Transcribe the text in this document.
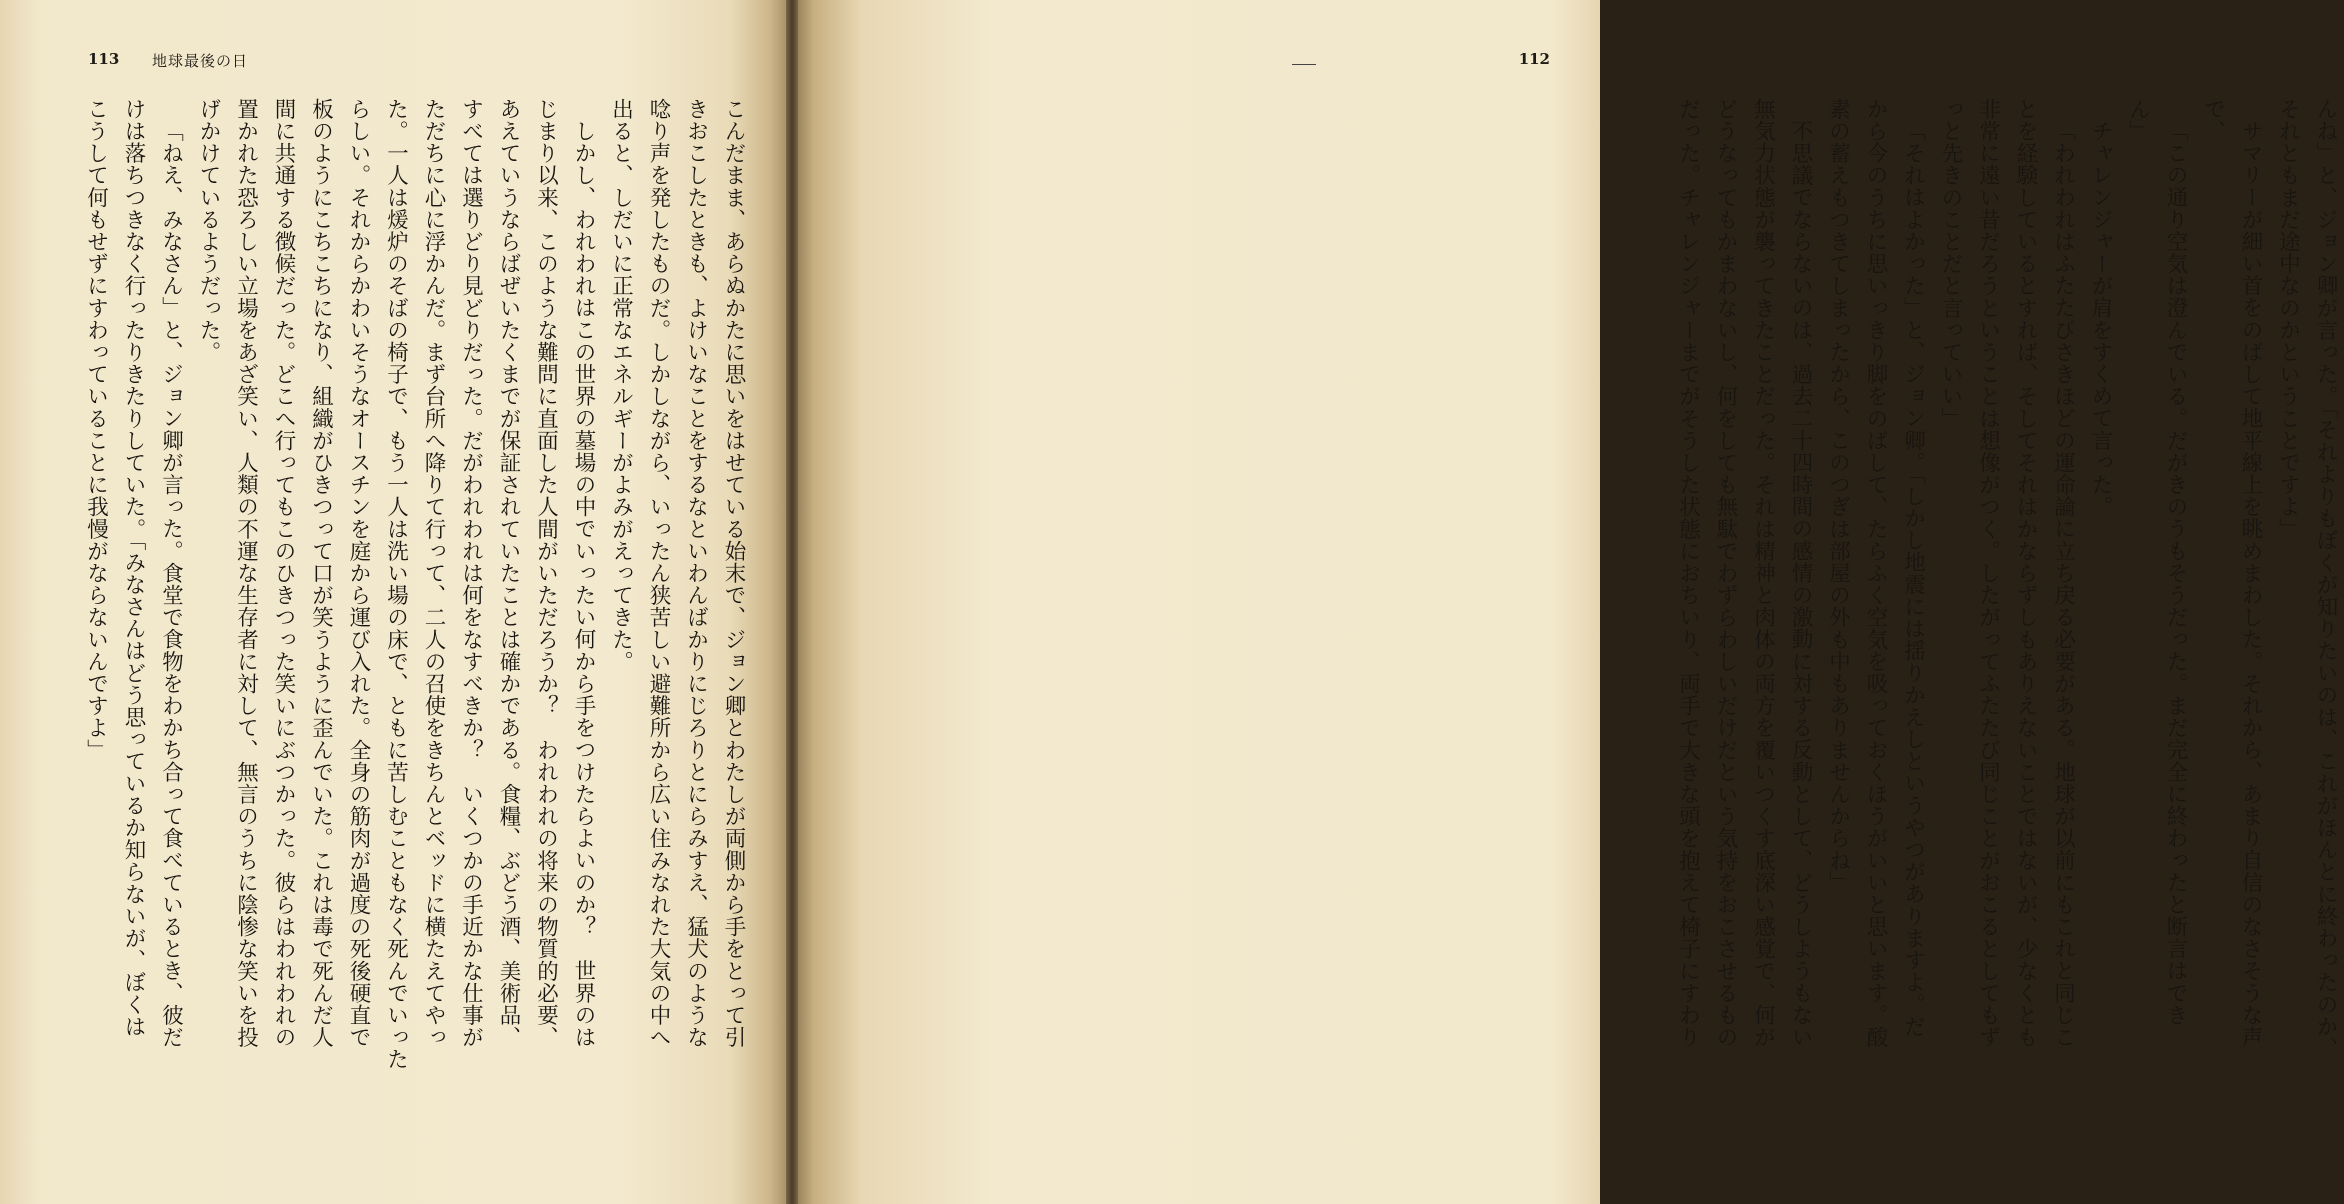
113 地球最後の日
こんだまま、あらぬかたに思いをはせている始末で、ジョン卿とわたしが両側から手をとって引
きおこしたときも、よけいなことをするなといわんばかりにじろりとにらみすえ、猛犬のような
唸り声を発したものだ。しかしながら、いったん狭苦しい避難所から広い住みなれた大気の中へ
出ると、しだいに正常なエネルギーがよみがえってきた。
しかし、われわれはこの世界の墓場の中でいったい何から手をつけたらよいのか？　世界のは
じまり以来、このような難問に直面した人間がいただろうか？　われわれの将来の物質的必要、
あえていうならばぜいたくまでが保証されていたことは確かである。食糧、ぶどう酒、美術品、
すべては選りどり見どりだった。だがわれわれは何をなすべきか？　いくつかの手近かな仕事が
ただちに心に浮かんだ。まず台所へ降りて行って、二人の召使をきちんとベッドに横たえてやっ
た。一人は煖炉のそばの椅子で、もう一人は洗い場の床で、ともに苦しむこともなく死んでいった
らしい。それからかわいそうなオースチンを庭から運び入れた。全身の筋肉が過度の死後硬直で
板のようにこちこちになり、組織がひきつって口が笑うように歪んでいた。これは毒で死んだ人
間に共通する徴候だった。どこへ行ってもこのひきつった笑いにぶつかった。彼らはわれわれの
置かれた恐ろしい立場をあざ笑い、人類の不運な生存者に対して、無言のうちに陰惨な笑いを投
げかけているようだった。
「ねえ、みなさん」と、ジョン卿が言った。食堂で食物をわかち合って食べているとき、彼だ
けは落ちつきなく行ったりきたりしていた。「みなさんはどう思っているか知らないが、ぼくは
こうして何もせずにすわっていることに我慢がならないんですよ」
112
んね」と、ジョン卿が言った。「それよりもぼくが知りたいのは、これがほんとに終わったのか、
それともまだ途中なのかということですよ」
サマリーが細い首をのばして地平線上を眺めまわした。それから、あまり自信のなさそうな声
で、
「この通り空気は澄んでいる。だがきのうもそうだった。まだ完全に終わったと断言はでき
ん」
チャレンジャーが肩をすくめて言った。
「われわれはふたたびさきほどの運命論に立ち戻る必要がある。地球が以前にもこれと同じこ
とを経験しているとすれば、そしてそれはかならずしもありえないことではないが、少なくとも
非常に遠い昔だろうということは想像がつく。したがってふたたび同じことがおこるとしてもず
っと先きのことだと言っていい」
「それはよかった」と、ジョン卿。「しかし地震には揺りかえしというやつがありますよ。だ
から今のうちに思いっきり脚をのばして、たらふく空気を吸っておくほうがいいと思います。酸
素の蓄えもつきてしまったから、このつぎは部屋の外も中もありませんからね」
不思議でならないのは、過去二十四時間の感情の激動に対する反動として、どうしようもない
無気力状態が襲ってきたことだった。それは精神と肉体の両方を覆いつくす底深い感覚で、何が
どうなってもかまわないし、何をしても無駄でわずらわしいだけだという気持をおこさせるもの
だった。チャレンジャーまでがそうした状態におちいり、両手で大きな頭を抱えて椅子にすわり
